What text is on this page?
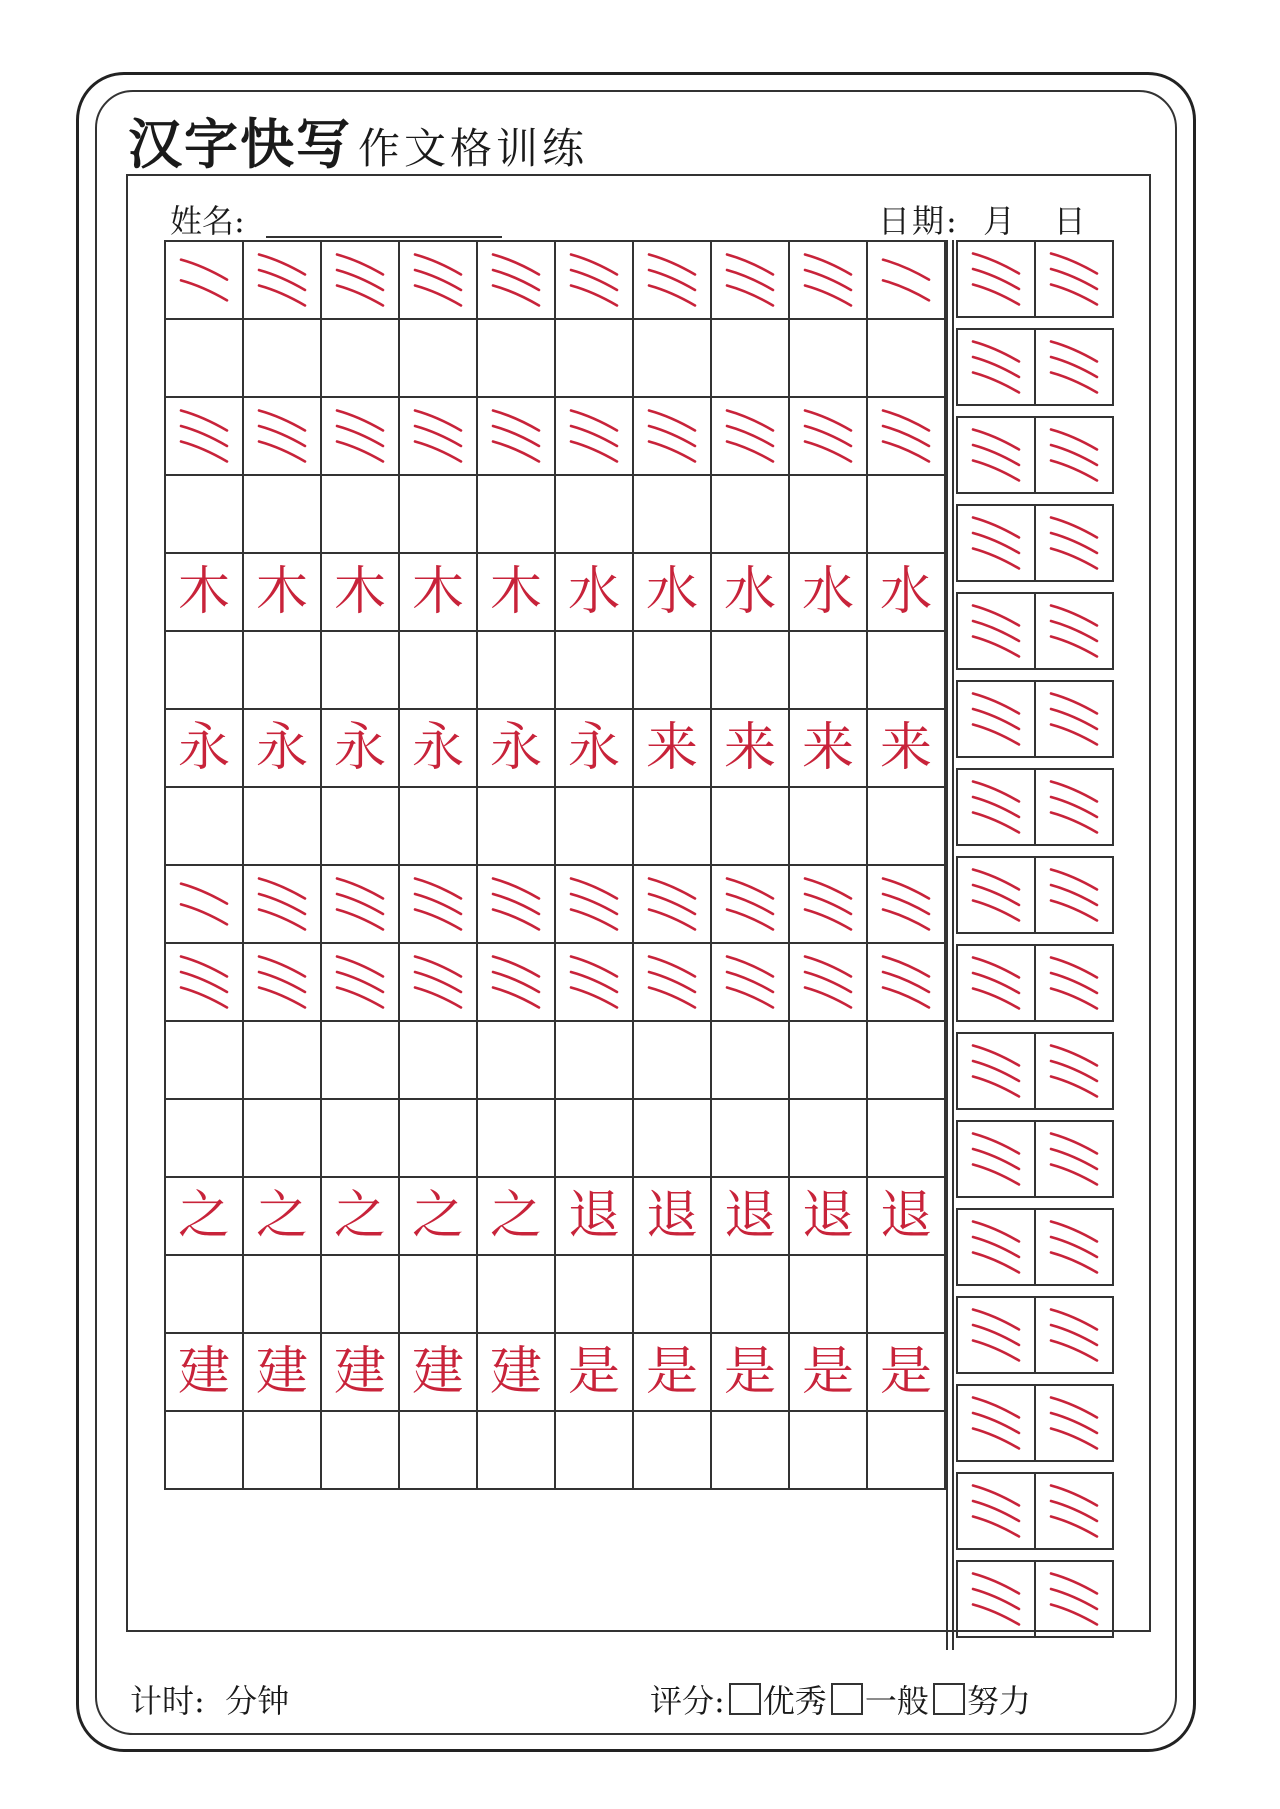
汉字快写 作文格训练
姓名:	日期: 月 日
木 木 木 木 木 水 水 水 水 水
永 永 永 永 永 永 来 来 来 来
之 之 之 之 之 退 退 退 退 退
建 建 建 建 建 是 是 是 是 是
计时: 分钟	评分: 优秀 一般 努力
